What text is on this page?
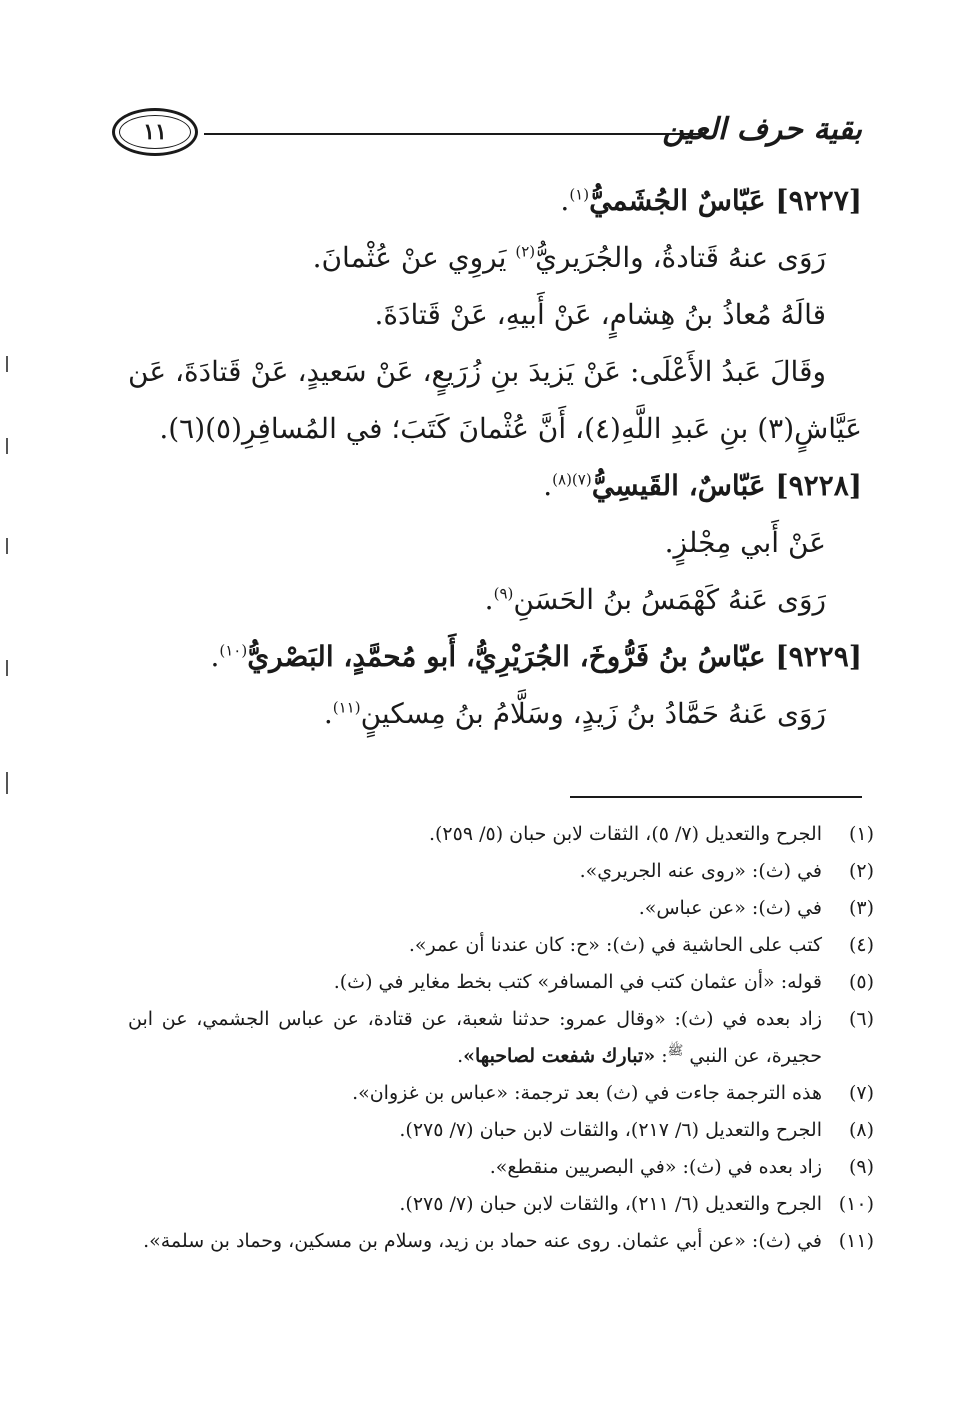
بقية حرف العين
١١
[٩٢٢٧] عَبّاسٌ الجُشَميُّ$^{(١)}$.
رَوَى عنهُ قَتادةُ، والجُرَيريُّ$^{(٢)}$ يَروِي عنْ عُثْمانَ.
قالَهُ مُعاذُ بنُ هِشامٍ، عَنْ أَبيهِ، عَنْ قَتادَةَ.
وقَالَ عَبدُ الأَعْلَى: عَنْ يَزيدَ بنِ زُرَيعٍ، عَنْ سَعيدٍ، عَنْ قَتادَةَ، عَن
عَيَّاشٍ(٣) بنِ عَبدِ اللَّهِ(٤)، أَنَّ عُثْمانَ كَتَبَ؛ في المُسافِرِ(٥)(٦).
[٩٢٢٨] عَبّاسٌ، القَيسِيُّ$^{(٧)(٨)}$.
عَنْ أَبي مِجْلزٍ.
رَوَى عَنهُ كَهْمَسُ بنُ الحَسَنِ$^{(٩)}$.
[٩٢٢٩] عبّاسُ بنُ فَرُّوخَ، الجُرَيْرِيُّ، أَبو مُحمَّدٍ، البَصْريُّ$^{(١٠)}$.
رَوَى عَنهُ حَمَّادُ بنُ زَيدٍ، وسَلَّامُ بنُ مِسكينٍ$^{(١١)}$.
(١)
الجرح والتعديل (٧/ ٥)، الثقات لابن حبان (٥/ ٢٥٩).
(٢)
في (ث): «روى عنه الجريري».
(٣)
في (ث): «عن عباس».
(٤)
كتب على الحاشية في (ث): «ح: كان عندنا أن عمر».
(٥)
قوله: «أن عثمان كتب في المسافر» كتب بخط مغاير في (ث).
(٦)
زاد بعده في (ث): «وقال عمرو: حدثنا شعبة، عن قتادة، عن عباس الجشمي، عن ابن حجيرة، عن النبي $^ﷺ$: «تبارك شفعت لصاحبها».
(٧)
هذه الترجمة جاءت في (ث) بعد ترجمة: «عباس بن غزوان».
(٨)
الجرح والتعديل (٦/ ٢١٧)، والثقات لابن حبان (٧/ ٢٧٥).
(٩)
زاد بعده في (ث): «في البصريين منقطع».
(١٠)
الجرح والتعديل (٦/ ٢١١)، والثقات لابن حبان (٧/ ٢٧٥).
(١١)
في (ث): «عن أبي عثمان. روى عنه حماد بن زيد، وسلام بن مسكين، وحماد بن سلمة».
